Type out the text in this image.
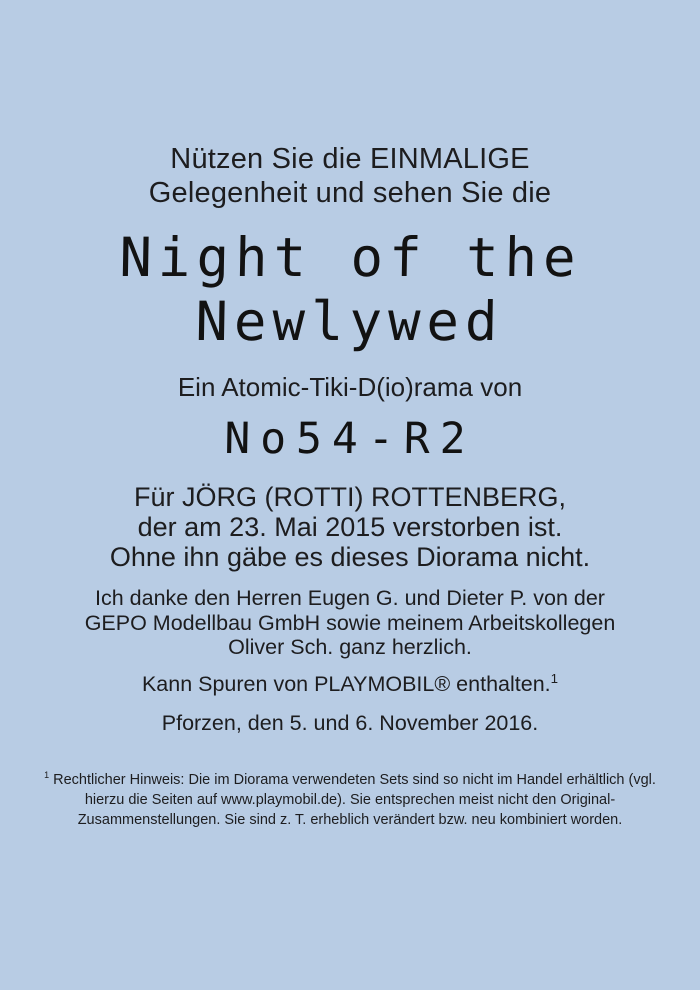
Nützen Sie die EINMALIGE
Gelegenheit und sehen Sie die
Night of the
Newlywed
Ein Atomic-Tiki-D(io)rama von
No54-R2
Für JÖRG (ROTTI) ROTTENBERG,
der am 23. Mai 2015 verstorben ist.
Ohne ihn gäbe es dieses Diorama nicht.
Ich danke den Herren Eugen G. und Dieter P. von der
GEPO Modellbau GmbH sowie meinem Arbeitskollegen
Oliver Sch. ganz herzlich.
Kann Spuren von PLAYMOBIL® enthalten.$^1$
Pforzen, den 5. und 6. November 2016.
$^1$ Rechtlicher Hinweis: Die im Diorama verwendeten Sets sind so nicht im Handel erhältlich (vgl.
hierzu die Seiten auf www.playmobil.de). Sie entsprechen meist nicht den Original-
Zusammenstellungen. Sie sind z. T. erheblich verändert bzw. neu kombiniert worden.
